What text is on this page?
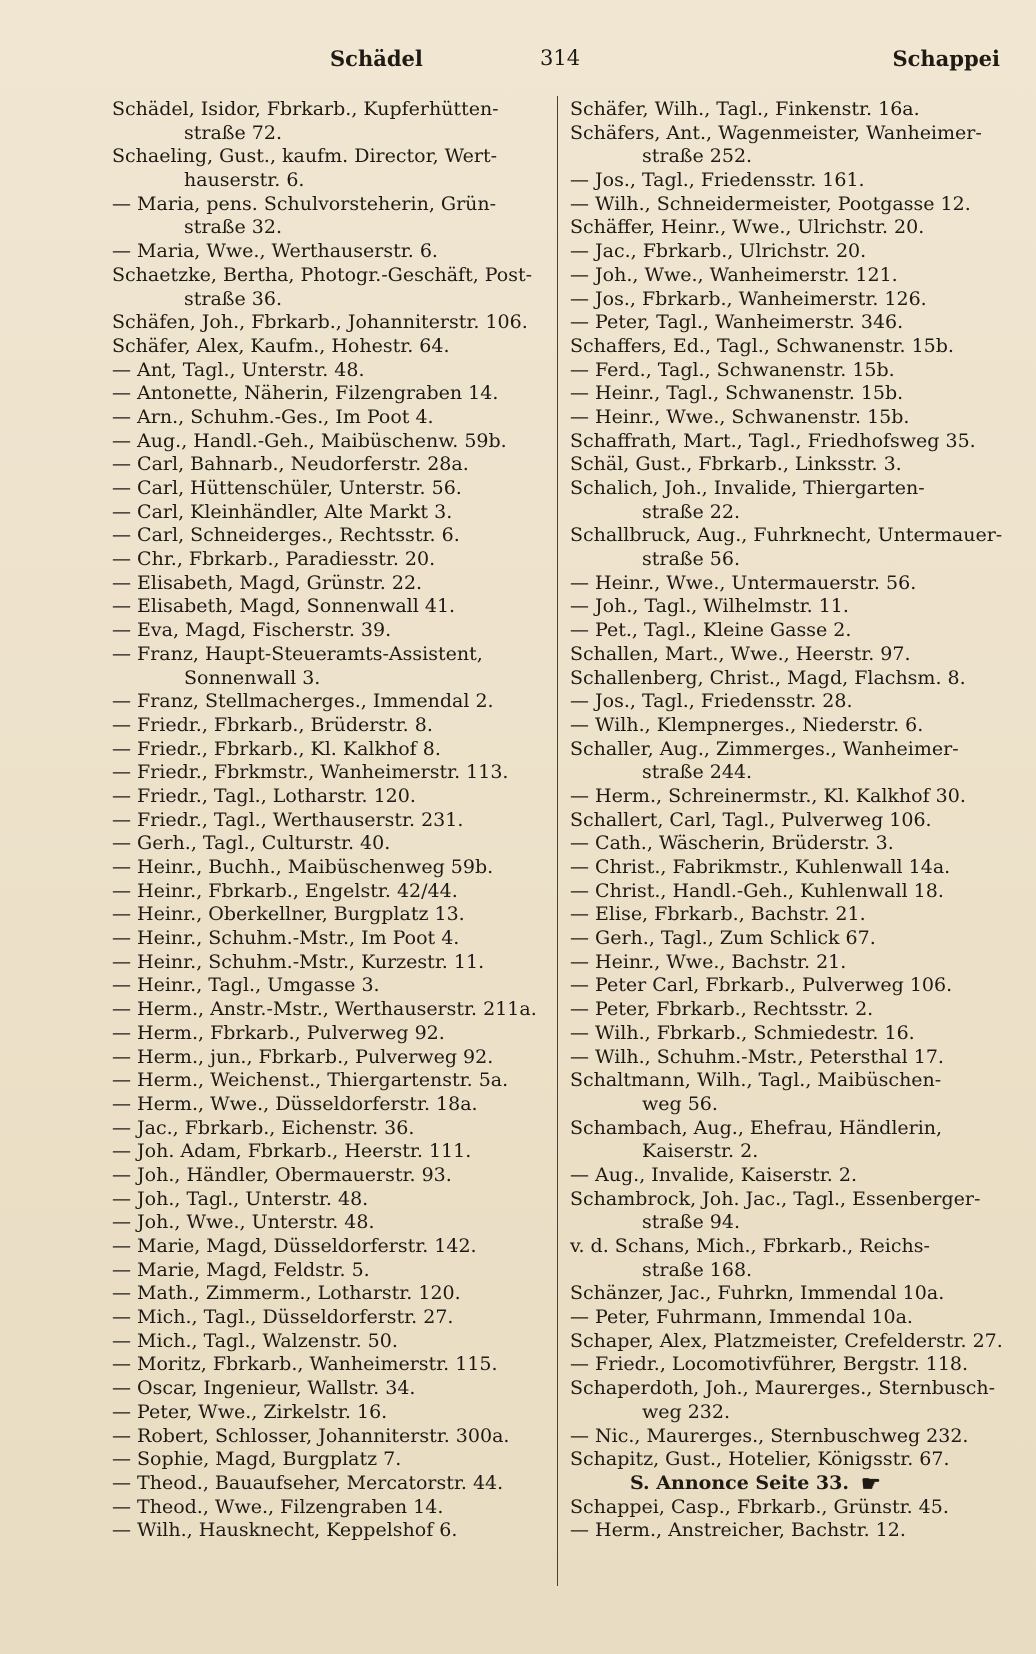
Schädel	314	Schappei
Schädel, Isidor, Fbrkarb., Kupferhütten-
straße 72.
Schaeling, Gust., kaufm. Director, Wert-
hauserstr. 6.
— Maria, pens. Schulvorsteherin, Grün-
straße 32.
— Maria, Wwe., Werthauserstr. 6.
Schaetzke, Bertha, Photogr.-Geschäft, Post-
straße 36.
Schäfen, Joh., Fbrkarb., Johanniterstr. 106.
Schäfer, Alex, Kaufm., Hohestr. 64.
— Ant, Tagl., Unterstr. 48.
— Antonette, Näherin, Filzengraben 14.
— Arn., Schuhm.-Ges., Im Poot 4.
— Aug., Handl.-Geh., Maibüschenw. 59b.
— Carl, Bahnarb., Neudorferstr. 28a.
— Carl, Hüttenschüler, Unterstr. 56.
— Carl, Kleinhändler, Alte Markt 3.
— Carl, Schneiderges., Rechtsstr. 6.
— Chr., Fbrkarb., Paradiesstr. 20.
— Elisabeth, Magd, Grünstr. 22.
— Elisabeth, Magd, Sonnenwall 41.
— Eva, Magd, Fischerstr. 39.
— Franz, Haupt-Steueramts-Assistent,
Sonnenwall 3.
— Franz, Stellmacherges., Immendal 2.
— Friedr., Fbrkarb., Brüderstr. 8.
— Friedr., Fbrkarb., Kl. Kalkhof 8.
— Friedr., Fbrkmstr., Wanheimerstr. 113.
— Friedr., Tagl., Lotharstr. 120.
— Friedr., Tagl., Werthauserstr. 231.
— Gerh., Tagl., Culturstr. 40.
— Heinr., Buchh., Maibüschenweg 59b.
— Heinr., Fbrkarb., Engelstr. 42/44.
— Heinr., Oberkellner, Burgplatz 13.
— Heinr., Schuhm.-Mstr., Im Poot 4.
— Heinr., Schuhm.-Mstr., Kurzestr. 11.
— Heinr., Tagl., Umgasse 3.
— Herm., Anstr.-Mstr., Werthauserstr. 211a.
— Herm., Fbrkarb., Pulverweg 92.
— Herm., jun., Fbrkarb., Pulverweg 92.
— Herm., Weichenst., Thiergartenstr. 5a.
— Herm., Wwe., Düsseldorferstr. 18a.
— Jac., Fbrkarb., Eichenstr. 36.
— Joh. Adam, Fbrkarb., Heerstr. 111.
— Joh., Händler, Obermauerstr. 93.
— Joh., Tagl., Unterstr. 48.
— Joh., Wwe., Unterstr. 48.
— Marie, Magd, Düsseldorferstr. 142.
— Marie, Magd, Feldstr. 5.
— Math., Zimmerm., Lotharstr. 120.
— Mich., Tagl., Düsseldorferstr. 27.
— Mich., Tagl., Walzenstr. 50.
— Moritz, Fbrkarb., Wanheimerstr. 115.
— Oscar, Ingenieur, Wallstr. 34.
— Peter, Wwe., Zirkelstr. 16.
— Robert, Schlosser, Johanniterstr. 300a.
— Sophie, Magd, Burgplatz 7.
— Theod., Bauaufseher, Mercatorstr. 44.
— Theod., Wwe., Filzengraben 14.
— Wilh., Hausknecht, Keppelshof 6.
Schäfer, Wilh., Tagl., Finkenstr. 16a.
Schäfers, Ant., Wagenmeister, Wanheimer-
straße 252.
— Jos., Tagl., Friedensstr. 161.
— Wilh., Schneidermeister, Pootgasse 12.
Schäffer, Heinr., Wwe., Ulrichstr. 20.
— Jac., Fbrkarb., Ulrichstr. 20.
— Joh., Wwe., Wanheimerstr. 121.
— Jos., Fbrkarb., Wanheimerstr. 126.
— Peter, Tagl., Wanheimerstr. 346.
Schaffers, Ed., Tagl., Schwanenstr. 15b.
— Ferd., Tagl., Schwanenstr. 15b.
— Heinr., Tagl., Schwanenstr. 15b.
— Heinr., Wwe., Schwanenstr. 15b.
Schaffrath, Mart., Tagl., Friedhofsweg 35.
Schäl, Gust., Fbrkarb., Linksstr. 3.
Schalich, Joh., Invalide, Thiergarten-
straße 22.
Schallbruck, Aug., Fuhrknecht, Untermauer-
straße 56.
— Heinr., Wwe., Untermauerstr. 56.
— Joh., Tagl., Wilhelmstr. 11.
— Pet., Tagl., Kleine Gasse 2.
Schallen, Mart., Wwe., Heerstr. 97.
Schallenberg, Christ., Magd, Flachsm. 8.
— Jos., Tagl., Friedensstr. 28.
— Wilh., Klempnerges., Niederstr. 6.
Schaller, Aug., Zimmerges., Wanheimer-
straße 244.
— Herm., Schreinermstr., Kl. Kalkhof 30.
Schallert, Carl, Tagl., Pulverweg 106.
— Cath., Wäscherin, Brüderstr. 3.
— Christ., Fabrikmstr., Kuhlenwall 14a.
— Christ., Handl.-Geh., Kuhlenwall 18.
— Elise, Fbrkarb., Bachstr. 21.
— Gerh., Tagl., Zum Schlick 67.
— Heinr., Wwe., Bachstr. 21.
— Peter Carl, Fbrkarb., Pulverweg 106.
— Peter, Fbrkarb., Rechtsstr. 2.
— Wilh., Fbrkarb., Schmiedestr. 16.
— Wilh., Schuhm.-Mstr., Petersthal 17.
Schaltmann, Wilh., Tagl., Maibüschen-
weg 56.
Schambach, Aug., Ehefrau, Händlerin,
Kaiserstr. 2.
— Aug., Invalide, Kaiserstr. 2.
Schambrock, Joh. Jac., Tagl., Essenberger-
straße 94.
v. d. Schans, Mich., Fbrkarb., Reichs-
straße 168.
Schänzer, Jac., Fuhrkn, Immendal 10a.
— Peter, Fuhrmann, Immendal 10a.
Schaper, Alex, Platzmeister, Crefelderstr. 27.
— Friedr., Locomotivführer, Bergstr. 118.
Schaperdoth, Joh., Maurerges., Sternbusch-
weg 232.
— Nic., Maurerges., Sternbuschweg 232.
Schapitz, Gust., Hotelier, Königsstr. 67.
S. Annonce Seite 33. ☛
Schappei, Casp., Fbrkarb., Grünstr. 45.
— Herm., Anstreicher, Bachstr. 12.
